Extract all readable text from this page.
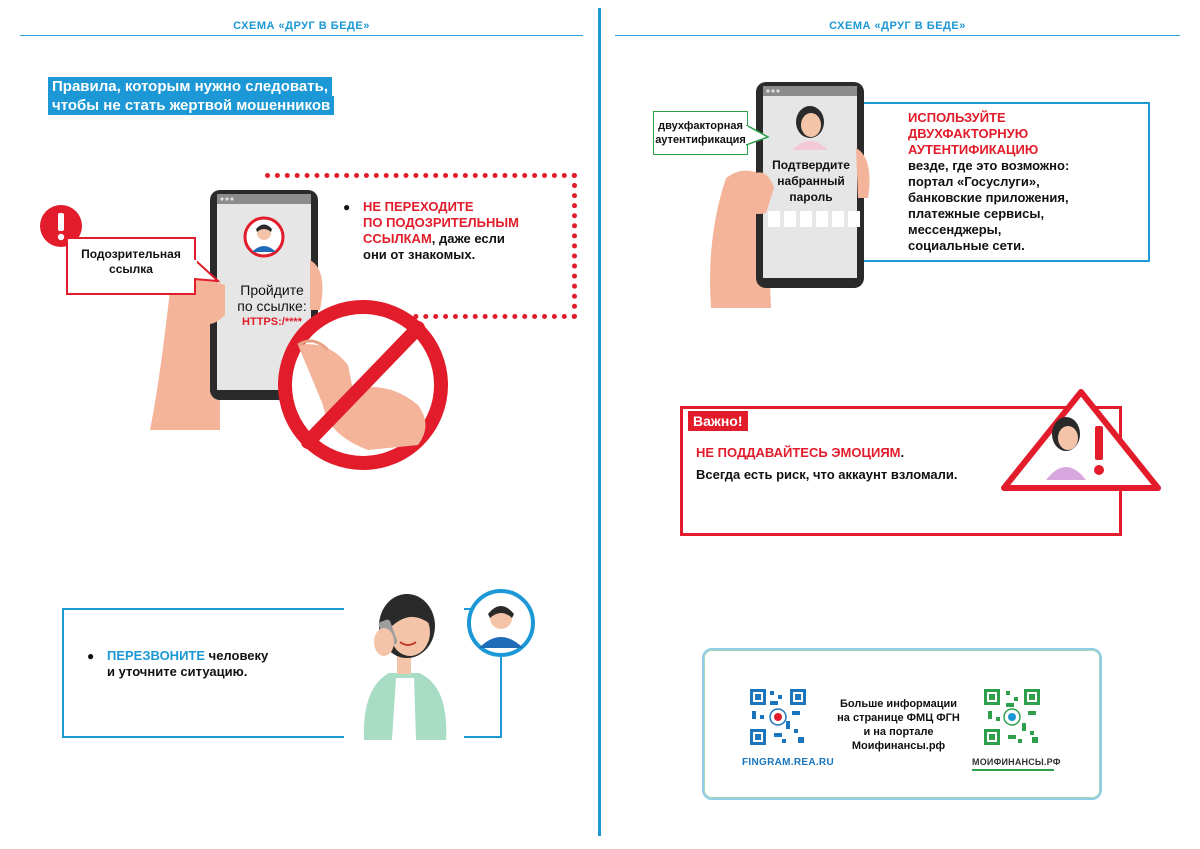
СХЕМА «ДРУГ В БЕДЕ»	СХЕМА «ДРУГ В БЕДЕ»
Правила, которым нужно следовать,
чтобы не стать жертвой мошенников
Пройдите
по ссылке:
HTTPS:/****
Подозрительная
ссылка
НЕ ПЕРЕХОДИТЕ
ПО ПОДОЗРИТЕЛЬНЫМ
ССЫЛКАМ, даже если
они от знакомых.
ПЕРЕЗВОНИТЕ человеку
и уточните ситуацию.
двухфакторная
аутентификация
Подтвердите
набранный
пароль
ИСПОЛЬЗУЙТЕ
ДВУХФАКТОРНУЮ
АУТЕНТИФИКАЦИЮ
везде, где это возможно:
портал «Госуслуги»,
банковские приложения,
платежные сервисы,
мессенджеры,
социальные сети.
Важно!
НЕ ПОДДАВАЙТЕСЬ ЭМОЦИЯМ.
Всегда есть риск, что аккаунт взломали.
FINGRAM.REA.RU
Больше информации
на странице ФМЦ ФГН
и на портале
Моифинансы.рф
МОИФИНАНСЫ.РФ
